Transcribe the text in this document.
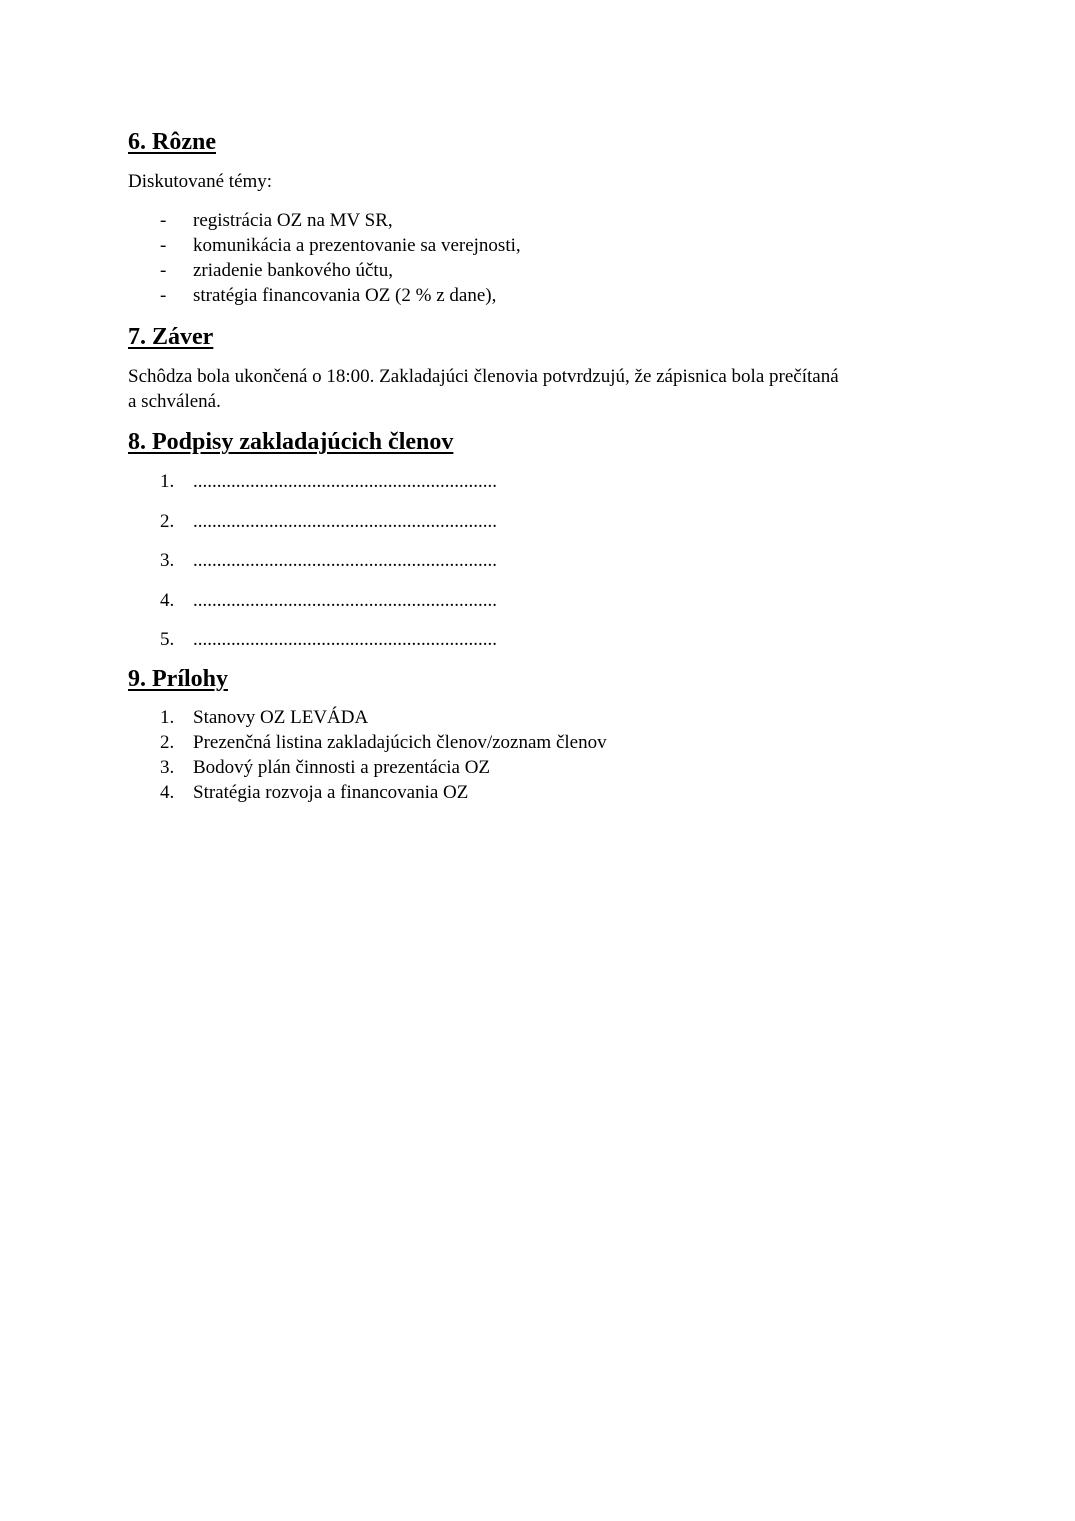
6. Rôzne

Diskutované témy:

-	registrácia OZ na MV SR,
-	komunikácia a prezentovanie sa verejnosti,
-	zriadenie bankového účtu,
-	stratégia financovania OZ (2 % z dane),
7. Záver

Schôdza bola ukončená o 18:00. Zakladajúci členovia potvrdzujú, že zápisnica bola prečítaná

a schválená.

8. Podpisy zakladajúcich členov
1. ................................................................
2. ................................................................
3. ................................................................
4. ................................................................
5. ................................................................
9. Prílohy
1. Stanovy OZ LEVÁDA
2. Prezenčná listina zakladajúcich členov/zoznam členov
3. Bodový plán činnosti a prezentácia OZ
4. Stratégia rozvoja a financovania OZ
